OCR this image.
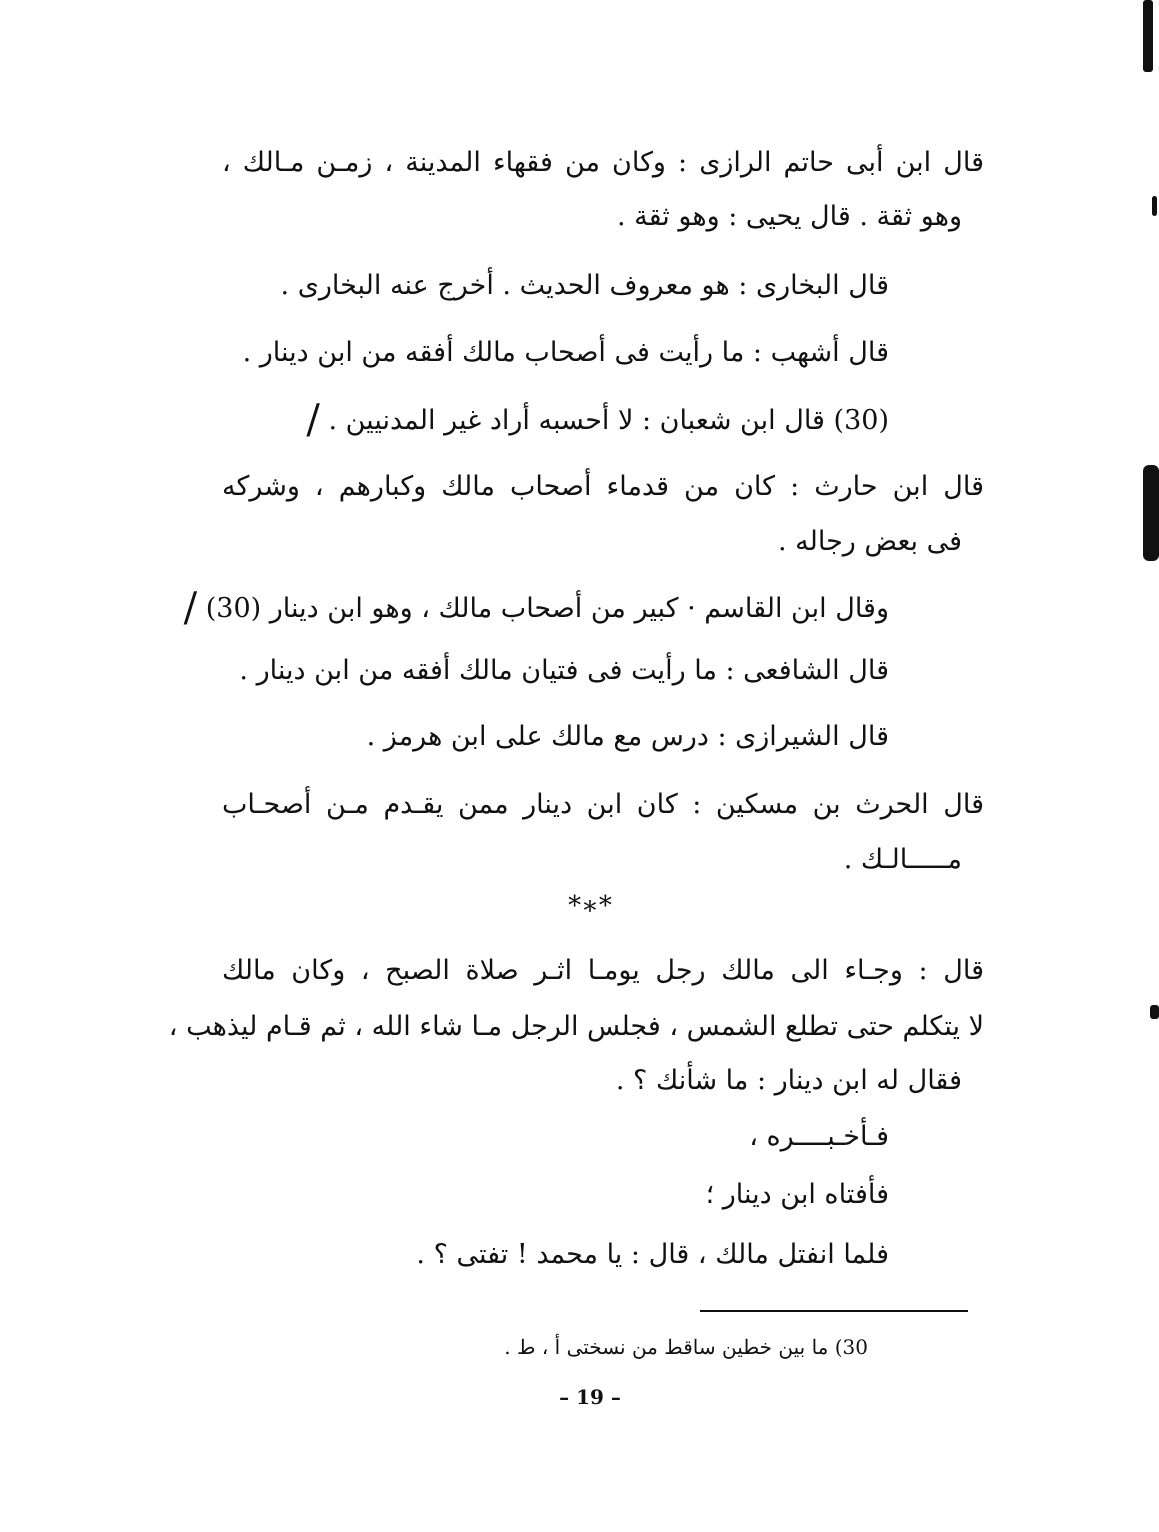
قال ابن أبى حاتم الرازى : وكان من فقهاء المدينة ، زمـن مـالك ،
وهو ثقة . قال يحيى : وهو ثقة .
قال البخارى : هو معروف الحديث . أخرج عنه البخارى .
قال أشهب : ما رأيت فى أصحاب مالك أفقه من ابن دينار .
(30) قال ابن شعبان : لا أحسبه أراد غير المدنيين . /
قال ابن حارث : كان من قدماء أصحاب مالك وكبارهم ، وشركه
فى بعض رجاله .
وقال ابن القاسم · كبير من أصحاب مالك ، وهو ابن دينار (30) /
قال الشافعى : ما رأيت فى فتيان مالك أفقه من ابن دينار .
قال الشيرازى : درس مع مالك على ابن هرمز .
قال الحرث بن مسكين : كان ابن دينار ممن يقـدم مـن أصحـاب
مـــــالـك .
*∗*
قال : وجـاء الى مالك رجل يومـا اثـر صلاة الصبح ، وكان مالك
لا يتكلم حتى تطلع الشمس ، فجلس الرجل مـا شاء الله ، ثم قـام ليذهب ،
فقال له ابن دينار : ما شأنك ؟ .
فـأخـبــــره ،
فأفتاه ابن دينار ؛
فلما انفتل مالك ، قال : يا محمد ! تفتى ؟ .
30) ما بين خطين ساقط من نسختى أ ، ط .
– 19 –
